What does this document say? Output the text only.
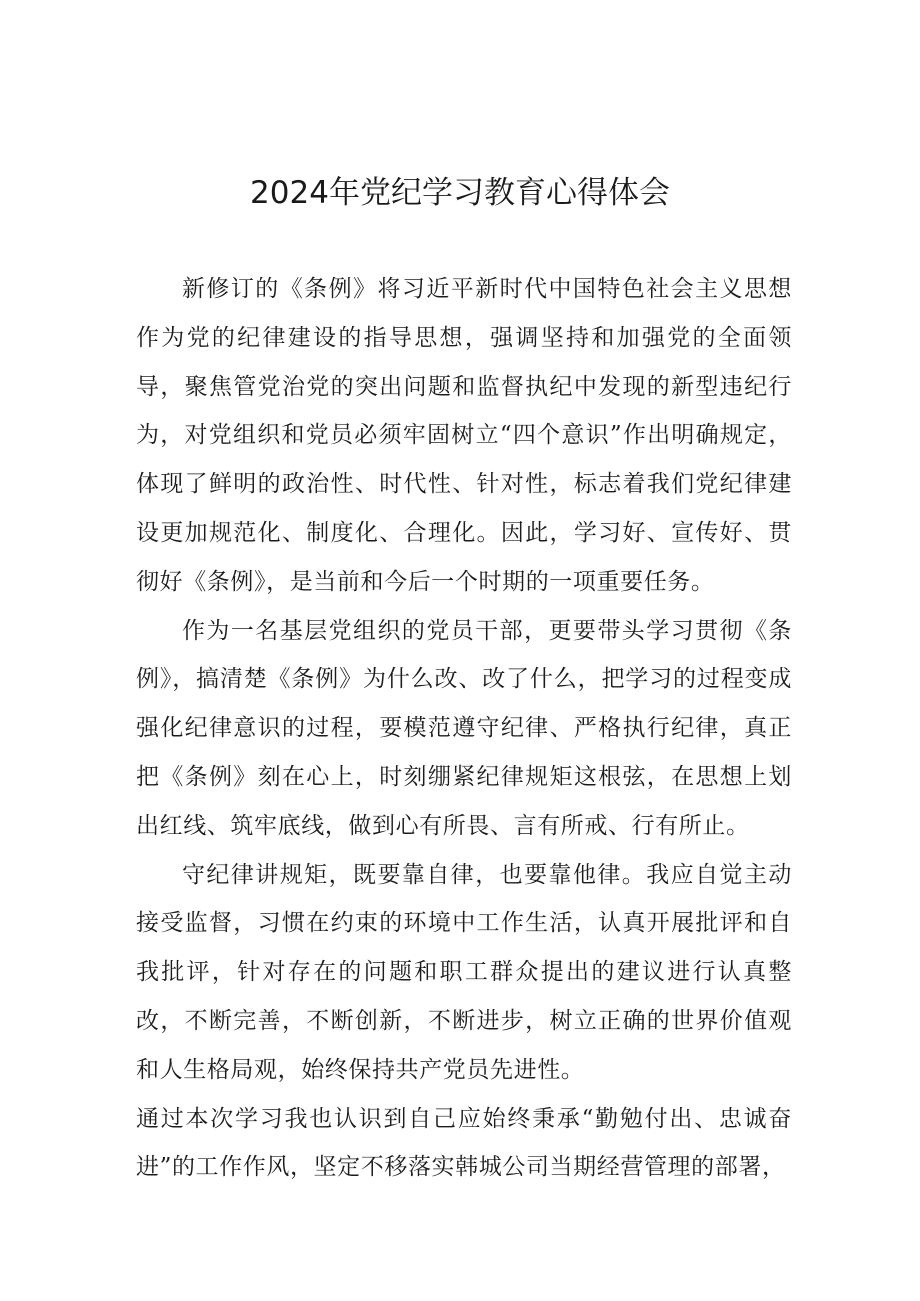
2024年党纪学习教育心得体会

新修订的《条例》将习近平新时代中国特色社会主义思想作为党的纪律建设的指导思想，强调坚持和加强党的全面领导，聚焦管党治党的突出问题和监督执纪中发现的新型违纪行为，对党组织和党员必须牢固树立“四个意识”作出明确规定，体现了鲜明的政治性、时代性、针对性，标志着我们党纪律建设更加规范化、制度化、合理化。因此，学习好、宣传好、贯彻好《条例》，是当前和今后一个时期的一项重要任务。

作为一名基层党组织的党员干部，更要带头学习贯彻《条例》，搞清楚《条例》为什么改、改了什么，把学习的过程变成强化纪律意识的过程，要模范遵守纪律、严格执行纪律，真正把《条例》刻在心上，时刻绷紧纪律规矩这根弦，在思想上划出红线、筑牢底线，做到心有所畏、言有所戒、行有所止。

守纪律讲规矩，既要靠自律，也要靠他律。我应自觉主动接受监督，习惯在约束的环境中工作生活，认真开展批评和自我批评，针对存在的问题和职工群众提出的建议进行认真整改，不断完善，不断创新，不断进步，树立正确的世界价值观和人生格局观，始终保持共产党员先进性。

通过本次学习我也认识到自己应始终秉承“勤勉付出、忠诚奋进”的工作作风，坚定不移落实韩城公司当期经营管理的部署，
